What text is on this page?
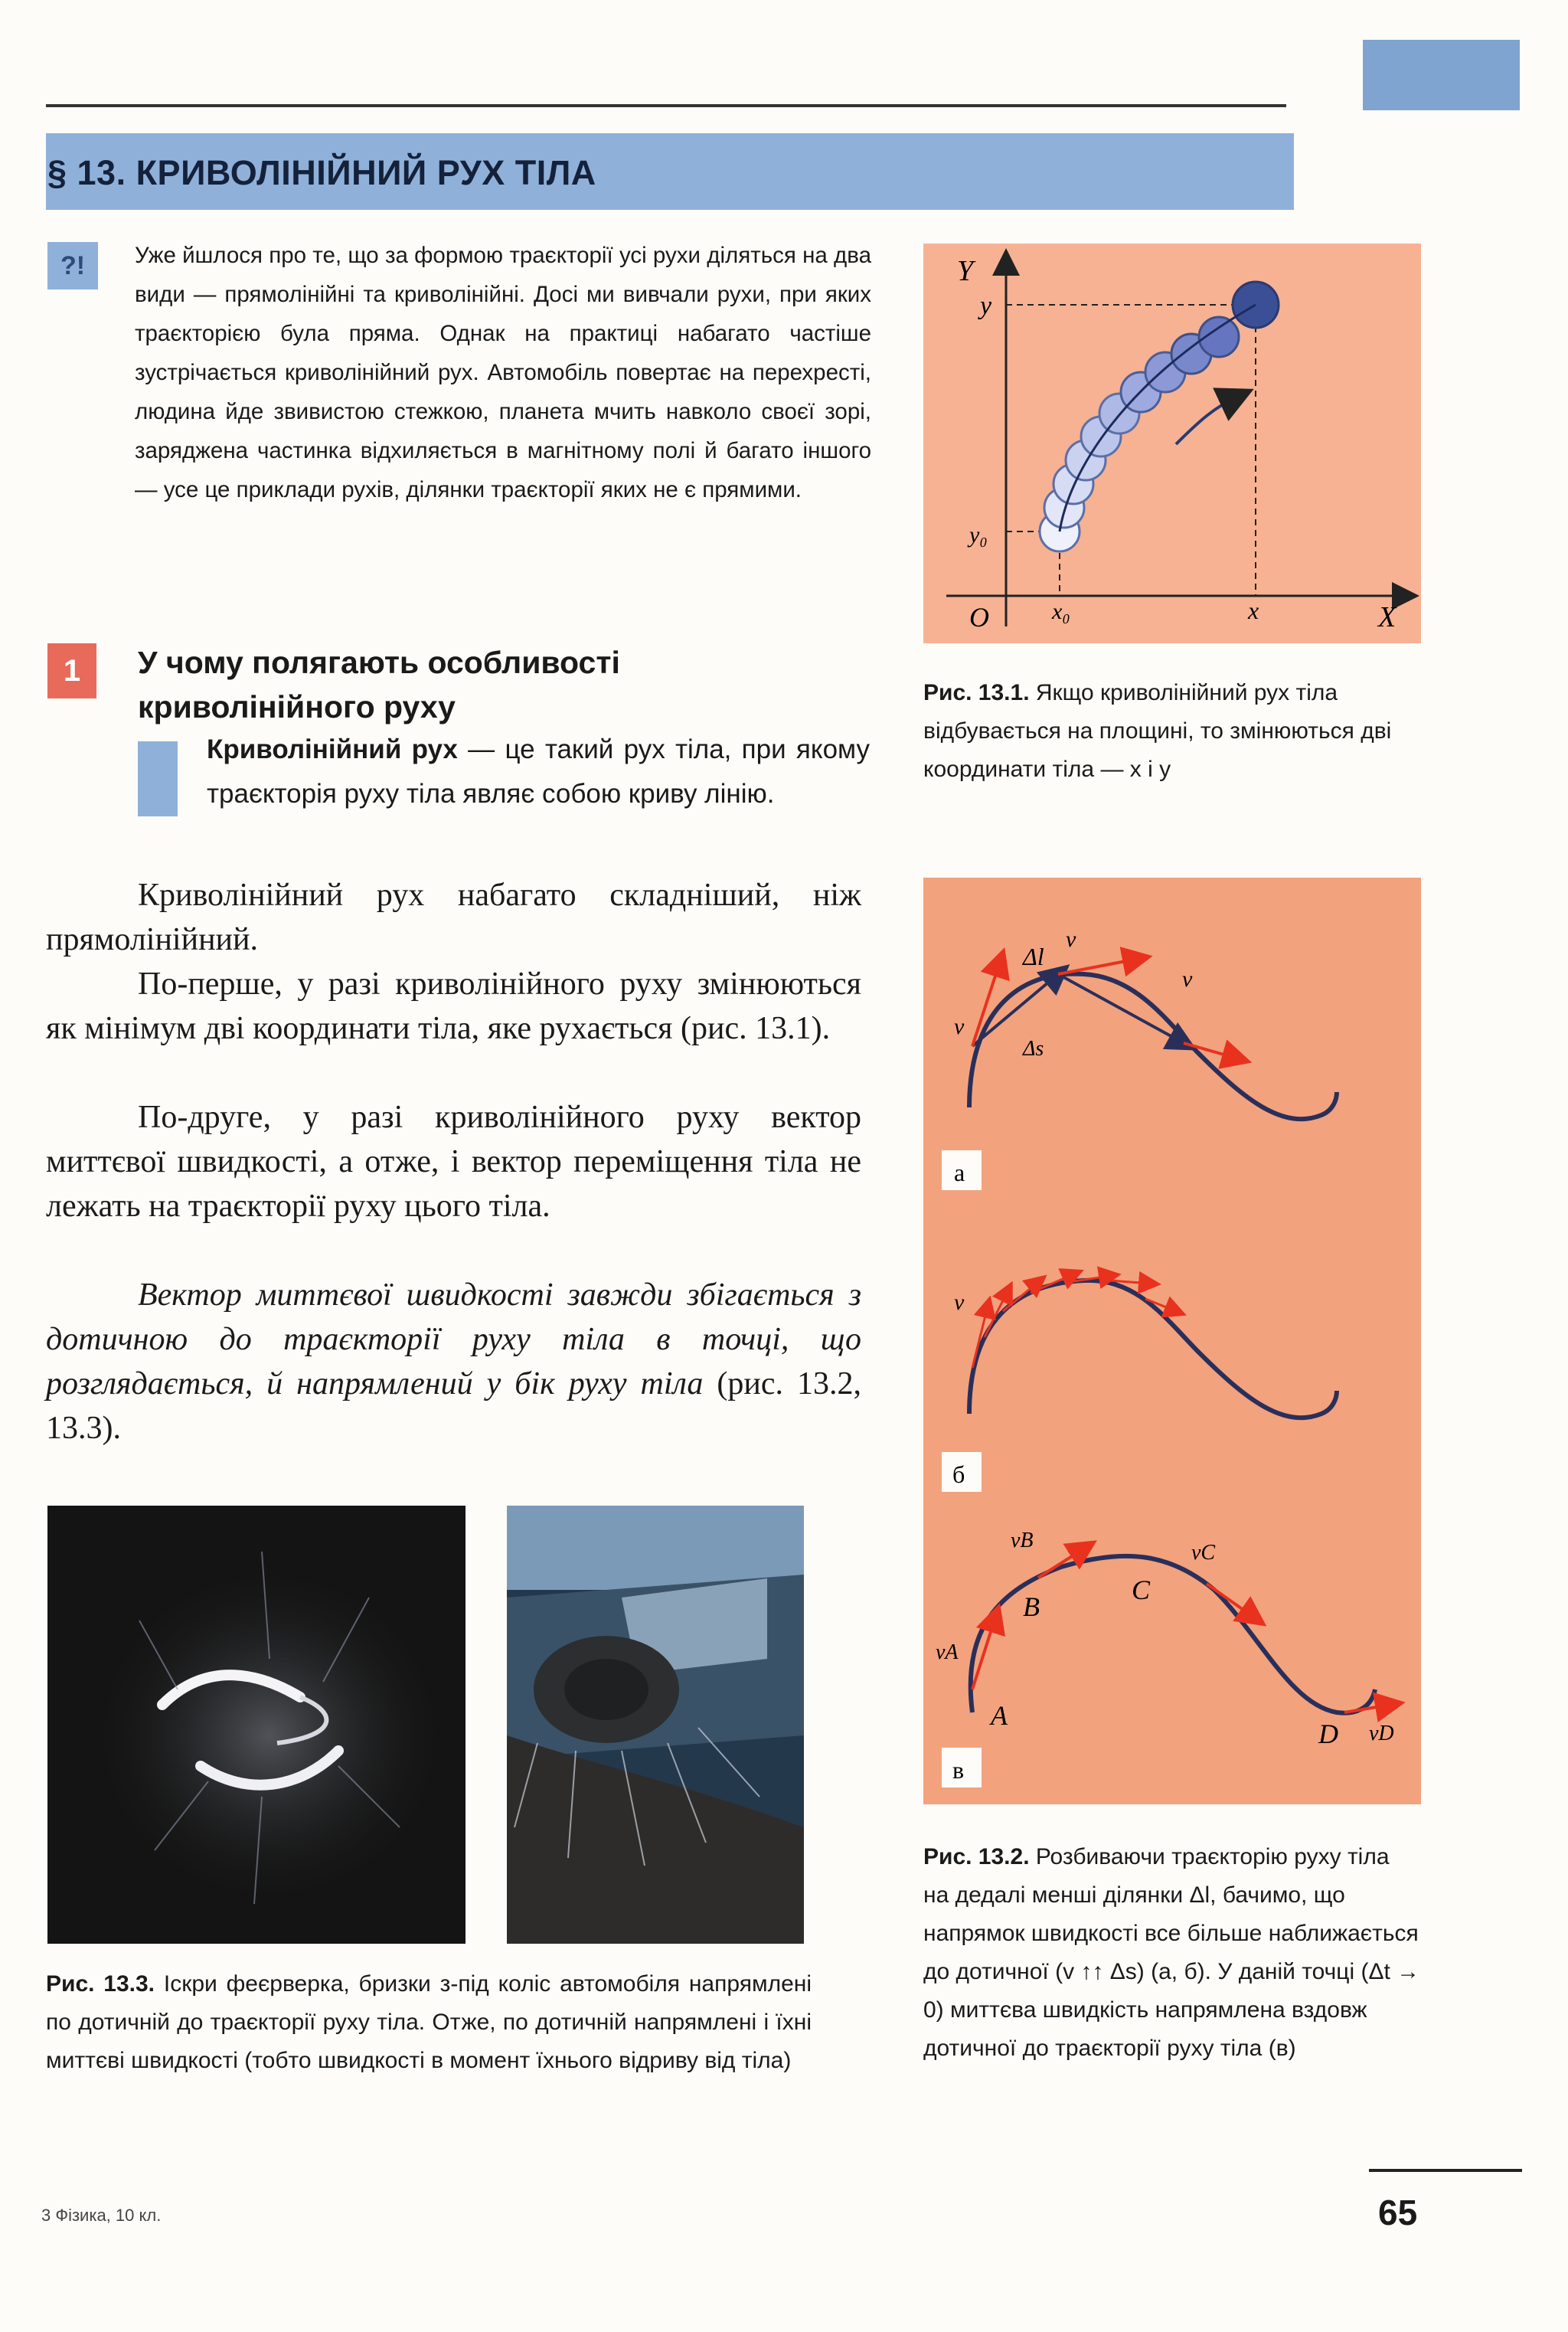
§ 13. КРИВОЛІНІЙНИЙ РУХ ТІЛА
?!	Уже йшлося про те, що за формою траєкторії усі рухи діляться на два види — прямолінійні та криволінійні. Досі ми вивчали рухи, при яких траєкторією була пряма. Однак на практиці набагато частіше зустрічається криволінійний рух. Автомобіль повертає на перехресті, людина йде звивистою стежкою, планета мчить навколо своєї зорі, заряджена частинка відхиляється в магнітному полі й багато іншого — усе це приклади рухів, ділянки траєкторії яких не є прямими.
1	У чому полягають особливості криволінійного руху
Криволінійний рух — це такий рух тіла, при якому траєкторія руху тіла являє собою криву лінію.
Криволінійний рух набагато складніший, ніж прямолінійний.
По-перше, у разі криволінійного руху змінюються як мінімум дві координати тіла, яке рухається (рис. 13.1).
По-друге, у разі криволінійного руху вектор миттєвої швидкості, а отже, і вектор переміщення тіла не лежать на траєкторії руху цього тіла.
Вектор миттєвої швидкості завжди збігається з дотичною до траєкторії руху тіла в точці, що розглядається, й напрямлений у бік руху тіла (рис. 13.2, 13.3).
Рис. 13.3. Іскри феєрверка, бризки з-під коліс автомобіля напрямлені по дотичній до траєкторії руху тіла. Отже, по дотичній напрямлені і їхні миттєві швидкості (тобто швидкості в момент їхнього відриву від тіла)
Y
X
O
y
y₀
x
x₀
Рис. 13.1. Якщо криволінійний рух тіла відбувається на площині, то змінюються дві координати тіла — x і y
Δl
Δs
v
v
v
а
v
б
A
B
C
D
vA
vB
vC
vD
в
Рис. 13.2. Розбиваючи траєкторію руху тіла на дедалі менші ділянки Δl, бачимо, що напрямок швидкості все більше наближається до дотичної (v ↑↑ Δs) (а, б). У даній точці (Δt → 0) миттєва швидкість напрямлена вздовж дотичної до траєкторії руху тіла (в)
3 Фізика, 10 кл.	65
